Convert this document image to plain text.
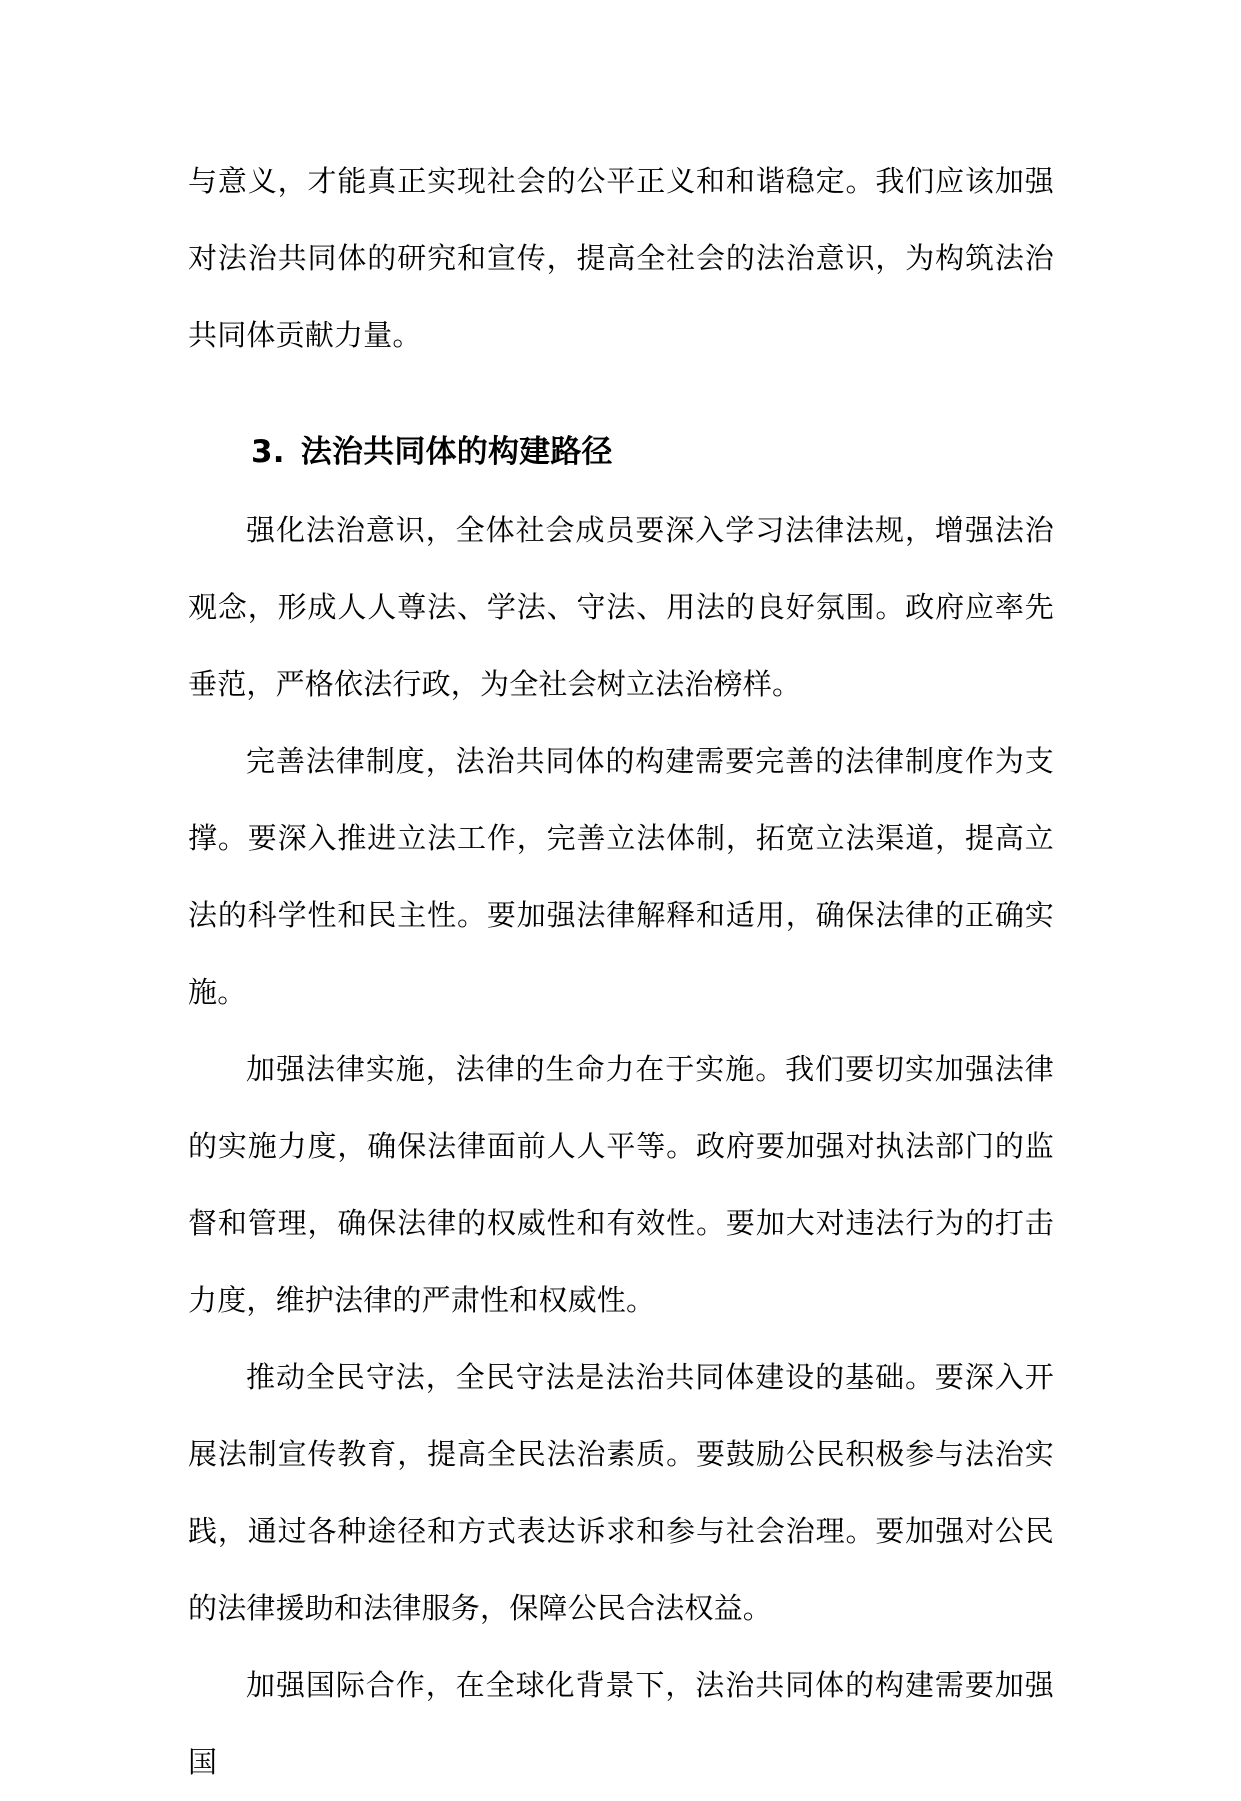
与意义，才能真正实现社会的公平正义和和谐稳定。我们应该加强对法治共同体的研究和宣传，提高全社会的法治意识，为构筑法治共同体贡献力量。

3. 法治共同体的构建路径

强化法治意识，全体社会成员要深入学习法律法规，增强法治观念，形成人人尊法、学法、守法、用法的良好氛围。政府应率先垂范，严格依法行政，为全社会树立法治榜样。

完善法律制度，法治共同体的构建需要完善的法律制度作为支撑。要深入推进立法工作，完善立法体制，拓宽立法渠道，提高立法的科学性和民主性。要加强法律解释和适用，确保法律的正确实施。

加强法律实施，法律的生命力在于实施。我们要切实加强法律的实施力度，确保法律面前人人平等。政府要加强对执法部门的监督和管理，确保法律的权威性和有效性。要加大对违法行为的打击力度，维护法律的严肃性和权威性。

推动全民守法，全民守法是法治共同体建设的基础。要深入开展法制宣传教育，提高全民法治素质。要鼓励公民积极参与法治实践，通过各种途径和方式表达诉求和参与社会治理。要加强对公民的法律援助和法律服务，保障公民合法权益。

加强国际合作，在全球化背景下，法治共同体的构建需要加强国
